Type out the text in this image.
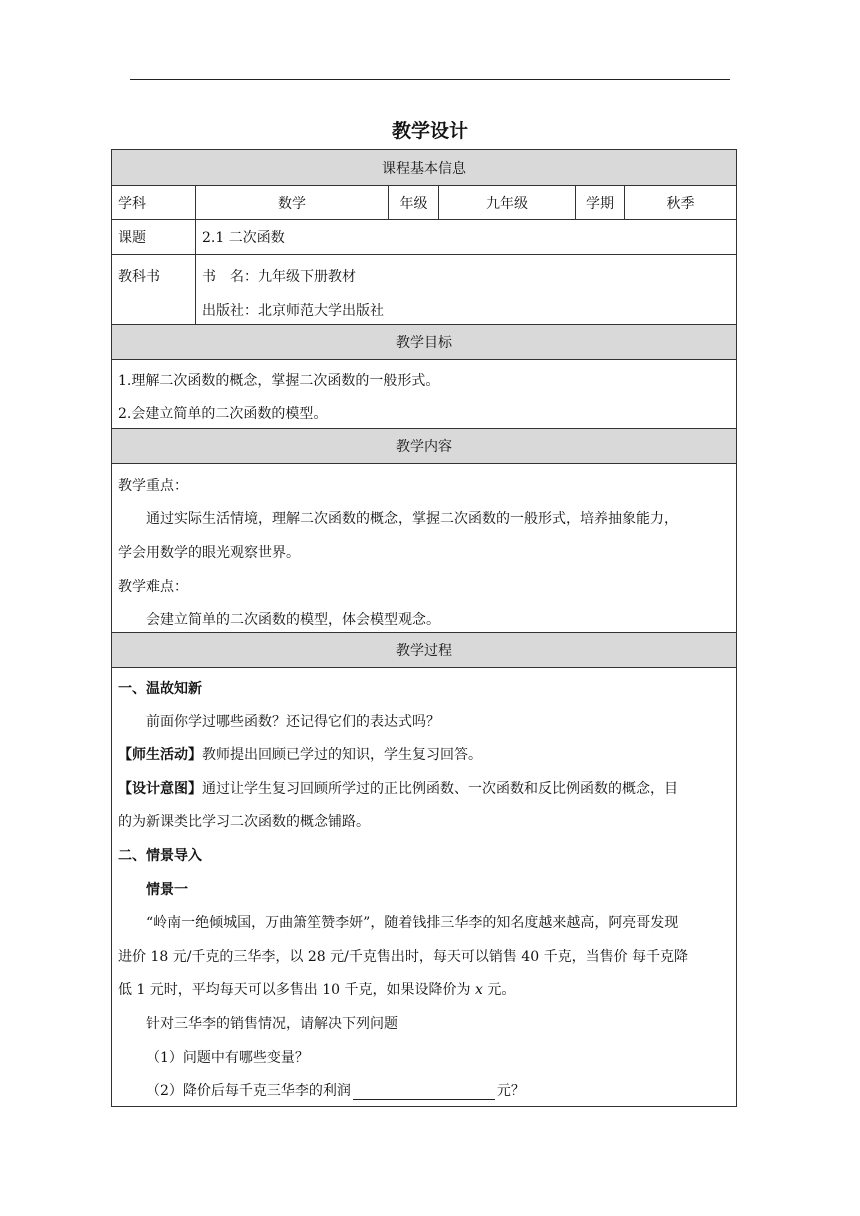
教学设计
课程基本信息
学科	数学	年级	九年级	学期	秋季
课题	2.1 二次函数
教科书	书　名：九年级下册教材
出版社：北京师范大学出版社
教学目标
1.理解二次函数的概念，掌握二次函数的一般形式。
2.会建立简单的二次函数的模型。
教学内容
教学重点：
通过实际生活情境，理解二次函数的概念，掌握二次函数的一般形式，培养抽象能力，
学会用数学的眼光观察世界。
教学难点：
会建立简单的二次函数的模型，体会模型观念。
教学过程
一、温故知新
前面你学过哪些函数？还记得它们的表达式吗？
【师生活动】教师提出回顾已学过的知识，学生复习回答。
【设计意图】通过让学生复习回顾所学过的正比例函数、一次函数和反比例函数的概念，目
的为新课类比学习二次函数的概念铺路。
二、情景导入
情景一
“岭南一绝倾城国，万曲箫笙赞李妍”，随着钱排三华李的知名度越来越高，阿亮哥发现
进价 18 元/千克的三华李，以 28 元/千克售出时，每天可以销售 40 千克，当售价 每千克降
低 1 元时，平均每天可以多售出 10 千克，如果设降价为 x 元。
针对三华李的销售情况，请解决下列问题
（1）问题中有哪些变量？
（2）降价后每千克三华李的利润	元？
